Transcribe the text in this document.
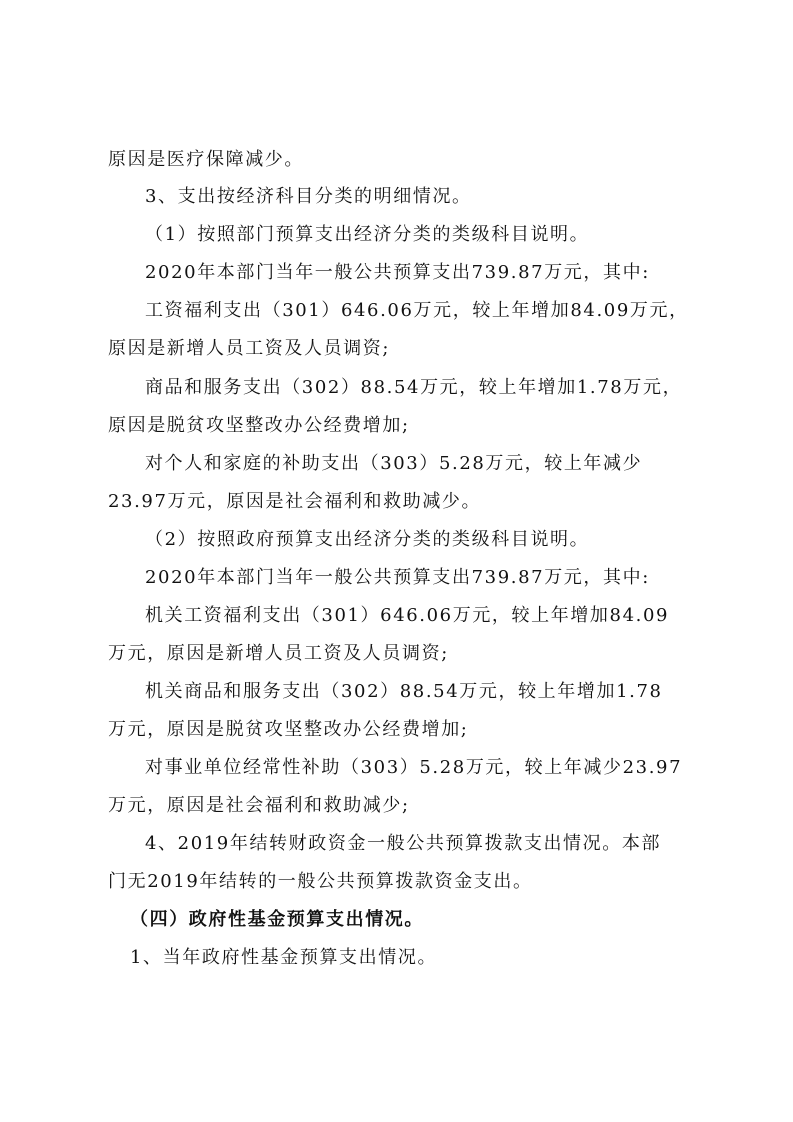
原因是医疗保障减少。
3、支出按经济科目分类的明细情况。
（1）按照部门预算支出经济分类的类级科目说明。
2020年本部门当年一般公共预算支出739.87万元，其中:
工资福利支出（301）646.06万元，较上年增加84.09万元，
原因是新增人员工资及人员调资;
商品和服务支出（302）88.54万元，较上年增加1.78万元，
原因是脱贫攻坚整改办公经费增加;
对个人和家庭的补助支出（303）5.28万元，较上年减少
23.97万元，原因是社会福利和救助减少。
（2）按照政府预算支出经济分类的类级科目说明。
2020年本部门当年一般公共预算支出739.87万元，其中:
机关工资福利支出（301）646.06万元，较上年增加84.09
万元，原因是新增人员工资及人员调资;
机关商品和服务支出（302）88.54万元，较上年增加1.78
万元，原因是脱贫攻坚整改办公经费增加;
对事业单位经常性补助（303）5.28万元，较上年减少23.97
万元，原因是社会福利和救助减少;
4、2019年结转财政资金一般公共预算拨款支出情况。本部
门无2019年结转的一般公共预算拨款资金支出。
（四）政府性基金预算支出情况。
1、当年政府性基金预算支出情况。
